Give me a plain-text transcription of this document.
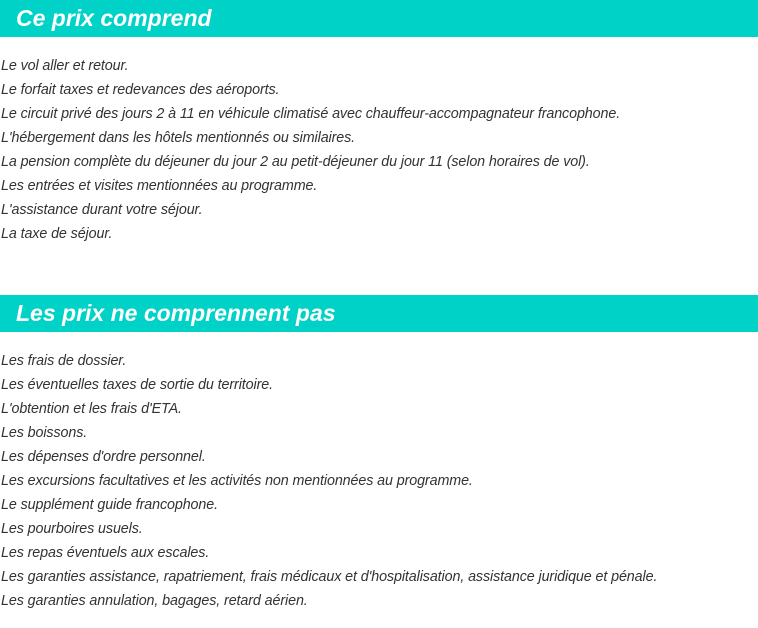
Ce prix comprend
Le vol aller et retour.
Le forfait taxes et redevances des aéroports.
Le circuit privé des jours 2 à 11 en véhicule climatisé avec chauffeur-accompagnateur francophone.
L'hébergement dans les hôtels mentionnés ou similaires.
La pension complète du déjeuner du jour 2 au petit-déjeuner du jour 11 (selon horaires de vol).
Les entrées et visites mentionnées au programme.
L'assistance durant votre séjour.
La taxe de séjour.
Les prix ne comprennent pas
Les frais de dossier.
Les éventuelles taxes de sortie du territoire.
L'obtention et les frais d'ETA.
Les boissons.
Les dépenses d'ordre personnel.
Les excursions facultatives et les activités non mentionnées au programme.
Le supplément guide francophone.
Les pourboires usuels.
Les repas éventuels aux escales.
Les garanties assistance, rapatriement, frais médicaux et d'hospitalisation, assistance juridique et pénale.
Les garanties annulation, bagages, retard aérien.
